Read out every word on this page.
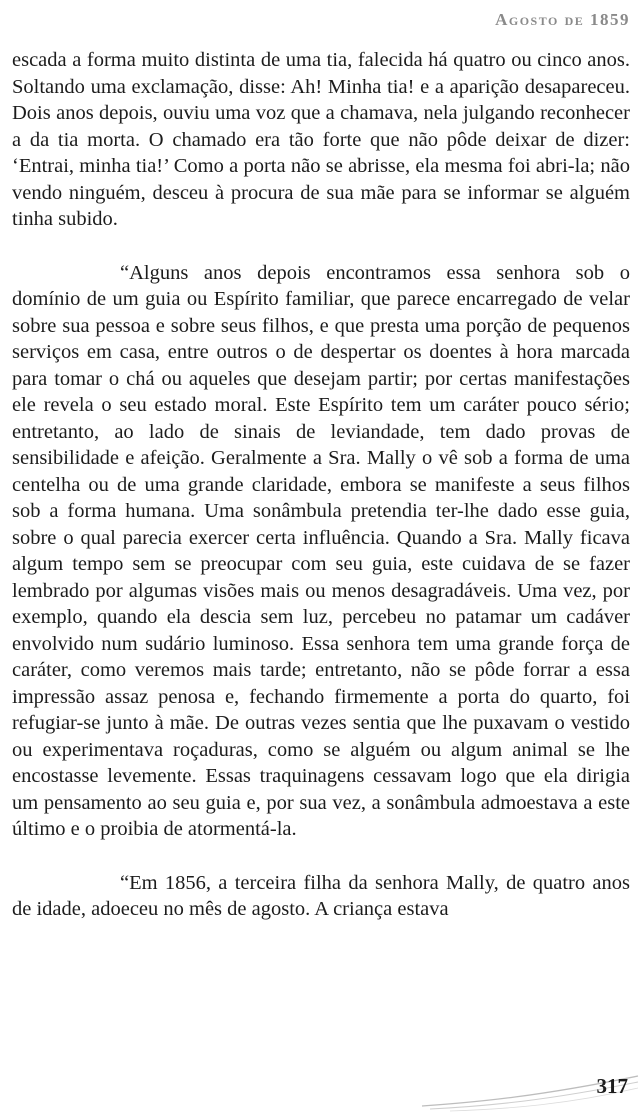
Agosto de 1859

escada a forma muito distinta de uma tia, falecida há quatro ou cinco anos. Soltando uma exclamação, disse: Ah! Minha tia! e a aparição desapareceu. Dois anos depois, ouviu uma voz que a chamava, nela julgando reconhecer a da tia morta. O chamado era tão forte que não pôde deixar de dizer: ‘Entrai, minha tia!’ Como a porta não se abrisse, ela mesma foi abri-la; não vendo ninguém, desceu à procura de sua mãe para se informar se alguém tinha subido.

“Alguns anos depois encontramos essa senhora sob o domínio de um guia ou Espírito familiar, que parece encarregado de velar sobre sua pessoa e sobre seus filhos, e que presta uma porção de pequenos serviços em casa, entre outros o de despertar os doentes à hora marcada para tomar o chá ou aqueles que desejam partir; por certas manifestações ele revela o seu estado moral. Este Espírito tem um caráter pouco sério; entretanto, ao lado de sinais de leviandade, tem dado provas de sensibilidade e afeição. Geralmente a Sra. Mally o vê sob a forma de uma centelha ou de uma grande claridade, embora se manifeste a seus filhos sob a forma humana. Uma sonâmbula pretendia ter-lhe dado esse guia, sobre o qual parecia exercer certa influência. Quando a Sra. Mally ficava algum tempo sem se preocupar com seu guia, este cuidava de se fazer lembrado por algumas visões mais ou menos desagradáveis. Uma vez, por exemplo, quando ela descia sem luz, percebeu no patamar um cadáver envolvido num sudário luminoso. Essa senhora tem uma grande força de caráter, como veremos mais tarde; entretanto, não se pôde forrar a essa impressão assaz penosa e, fechando firmemente a porta do quarto, foi refugiar-se junto à mãe. De outras vezes sentia que lhe puxavam o vestido ou experimentava roçaduras, como se alguém ou algum animal se lhe encostasse levemente. Essas traquinagens cessavam logo que ela dirigia um pensamento ao seu guia e, por sua vez, a sonâmbula admoestava a este último e o proibia de atormentá-la.

“Em 1856, a terceira filha da senhora Mally, de quatro anos de idade, adoeceu no mês de agosto. A criança estava

317
